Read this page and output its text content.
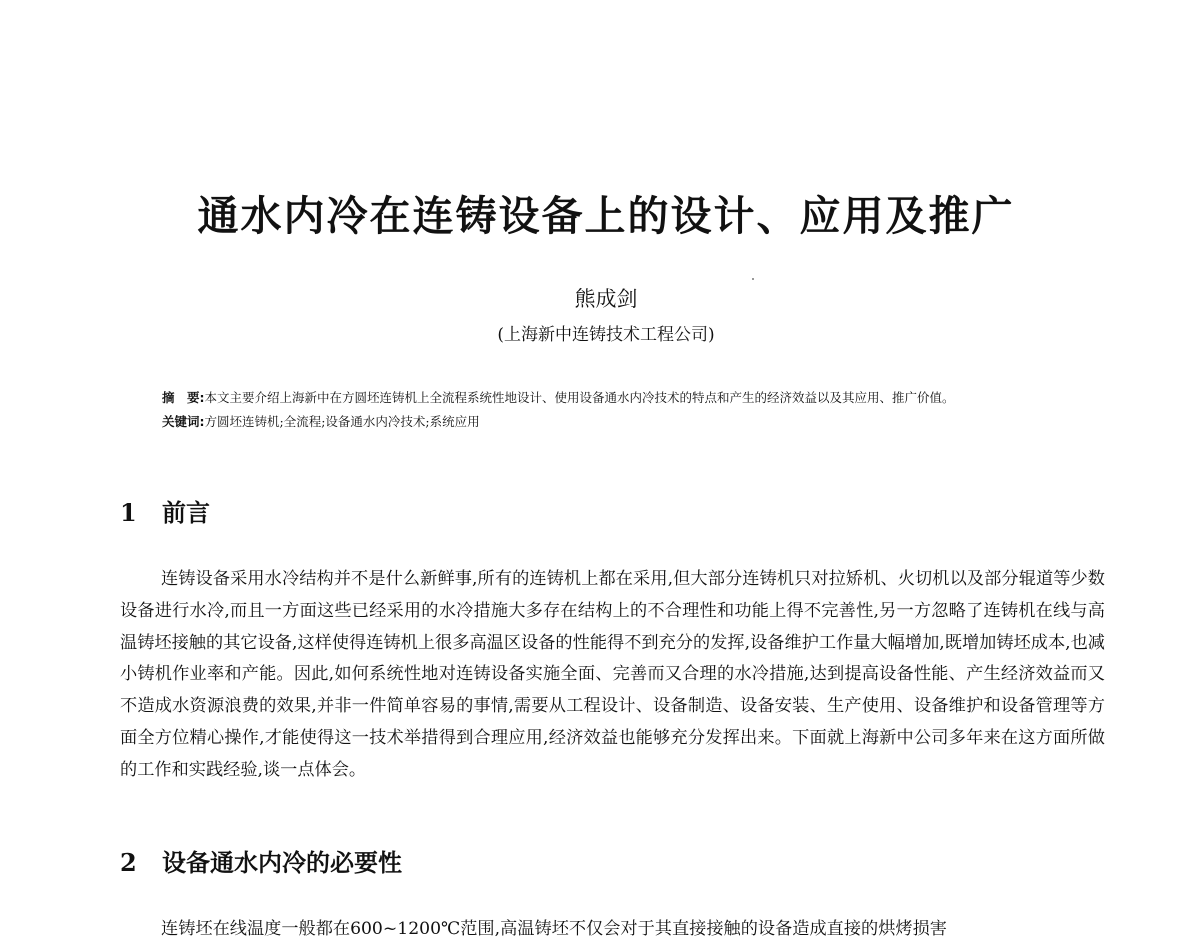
通水内冷在连铸设备上的设计、应用及推广
熊成剑
(上海新中连铸技术工程公司)

摘　要:本文主要介绍上海新中在方圆坯连铸机上全流程系统性地设计、使用设备通水内冷技术的特点和产生的经济效益以及其应用、推广价值。

关键词:方圆坯连铸机;全流程;设备通水内冷技术;系统应用

1 前言

连铸设备采用水冷结构并不是什么新鲜事,所有的连铸机上都在采用,但大部分连铸机只对拉矫机、火切机以及部分辊道等少数设备进行水冷,而且一方面这些已经采用的水冷措施大多存在结构上的不合理性和功能上得不完善性,另一方忽略了连铸机在线与高温铸坯接触的其它设备,这样使得连铸机上很多高温区设备的性能得不到充分的发挥,设备维护工作量大幅增加,既增加铸坯成本,也减小铸机作业率和产能。因此,如何系统性地对连铸设备实施全面、完善而又合理的水冷措施,达到提高设备性能、产生经济效益而又不造成水资源浪费的效果,并非一件简单容易的事情,需要从工程设计、设备制造、设备安装、生产使用、设备维护和设备管理等方面全方位精心操作,才能使得这一技术举措得到合理应用,经济效益也能够充分发挥出来。下面就上海新中公司多年来在这方面所做的工作和实践经验,谈一点体会。

2 设备通水内冷的必要性

连铸坯在线温度一般都在600~1200℃范围,高温铸坯不仅会对于其直接接触的设备造成直接的烘烤损害
